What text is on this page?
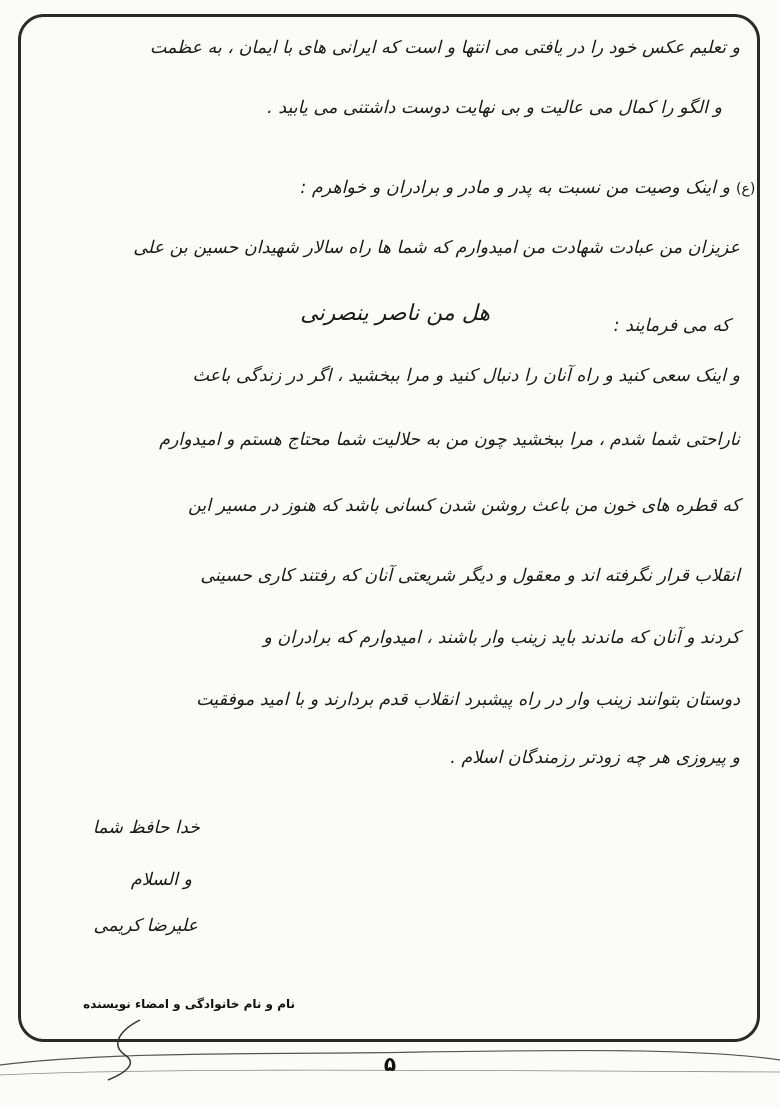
و تعلیم عکس خود را در یافتی می انتها و است که ایرانی های با ایمان ، به عظمت
و الگو را کمال می عالیت و بی نهایت دوست داشتنی می یابید .
و اینک وصیت من نسبت به پدر و مادر و برادران و خواهرم :
عزیزان من عبادت شهادت من امیدوارم که شما ها راه سالار شهیدان حسین بن علی
که می فرمایند :
هل من ناصر ینصرنی
و اینک سعی کنید و راه آنان را دنبال کنید و مرا ببخشید ، اگر در زندگی باعث
ناراحتی شما شدم ، مرا ببخشید چون من به حلالیت شما محتاج هستم و امیدوارم
که قطره های خون من باعث روشن شدن کسانی باشد که هنوز در مسیر این
انقلاب قرار نگرفته اند و معقول و دیگر شریعتی آنان که رفتند کاری حسینی
کردند و آنان که ماندند باید زینب وار باشند ، امیدوارم که برادران و
دوستان بتوانند زینب وار در راه پیشبرد انقلاب قدم بردارند و با امید موفقیت
و پیروزی هر چه زودتر رزمندگان اسلام .
خدا حافظ شما
و السلام
علیرضا کریمی
(ع)
نام و نام خانوادگی و امضاء نویسنده
۵
